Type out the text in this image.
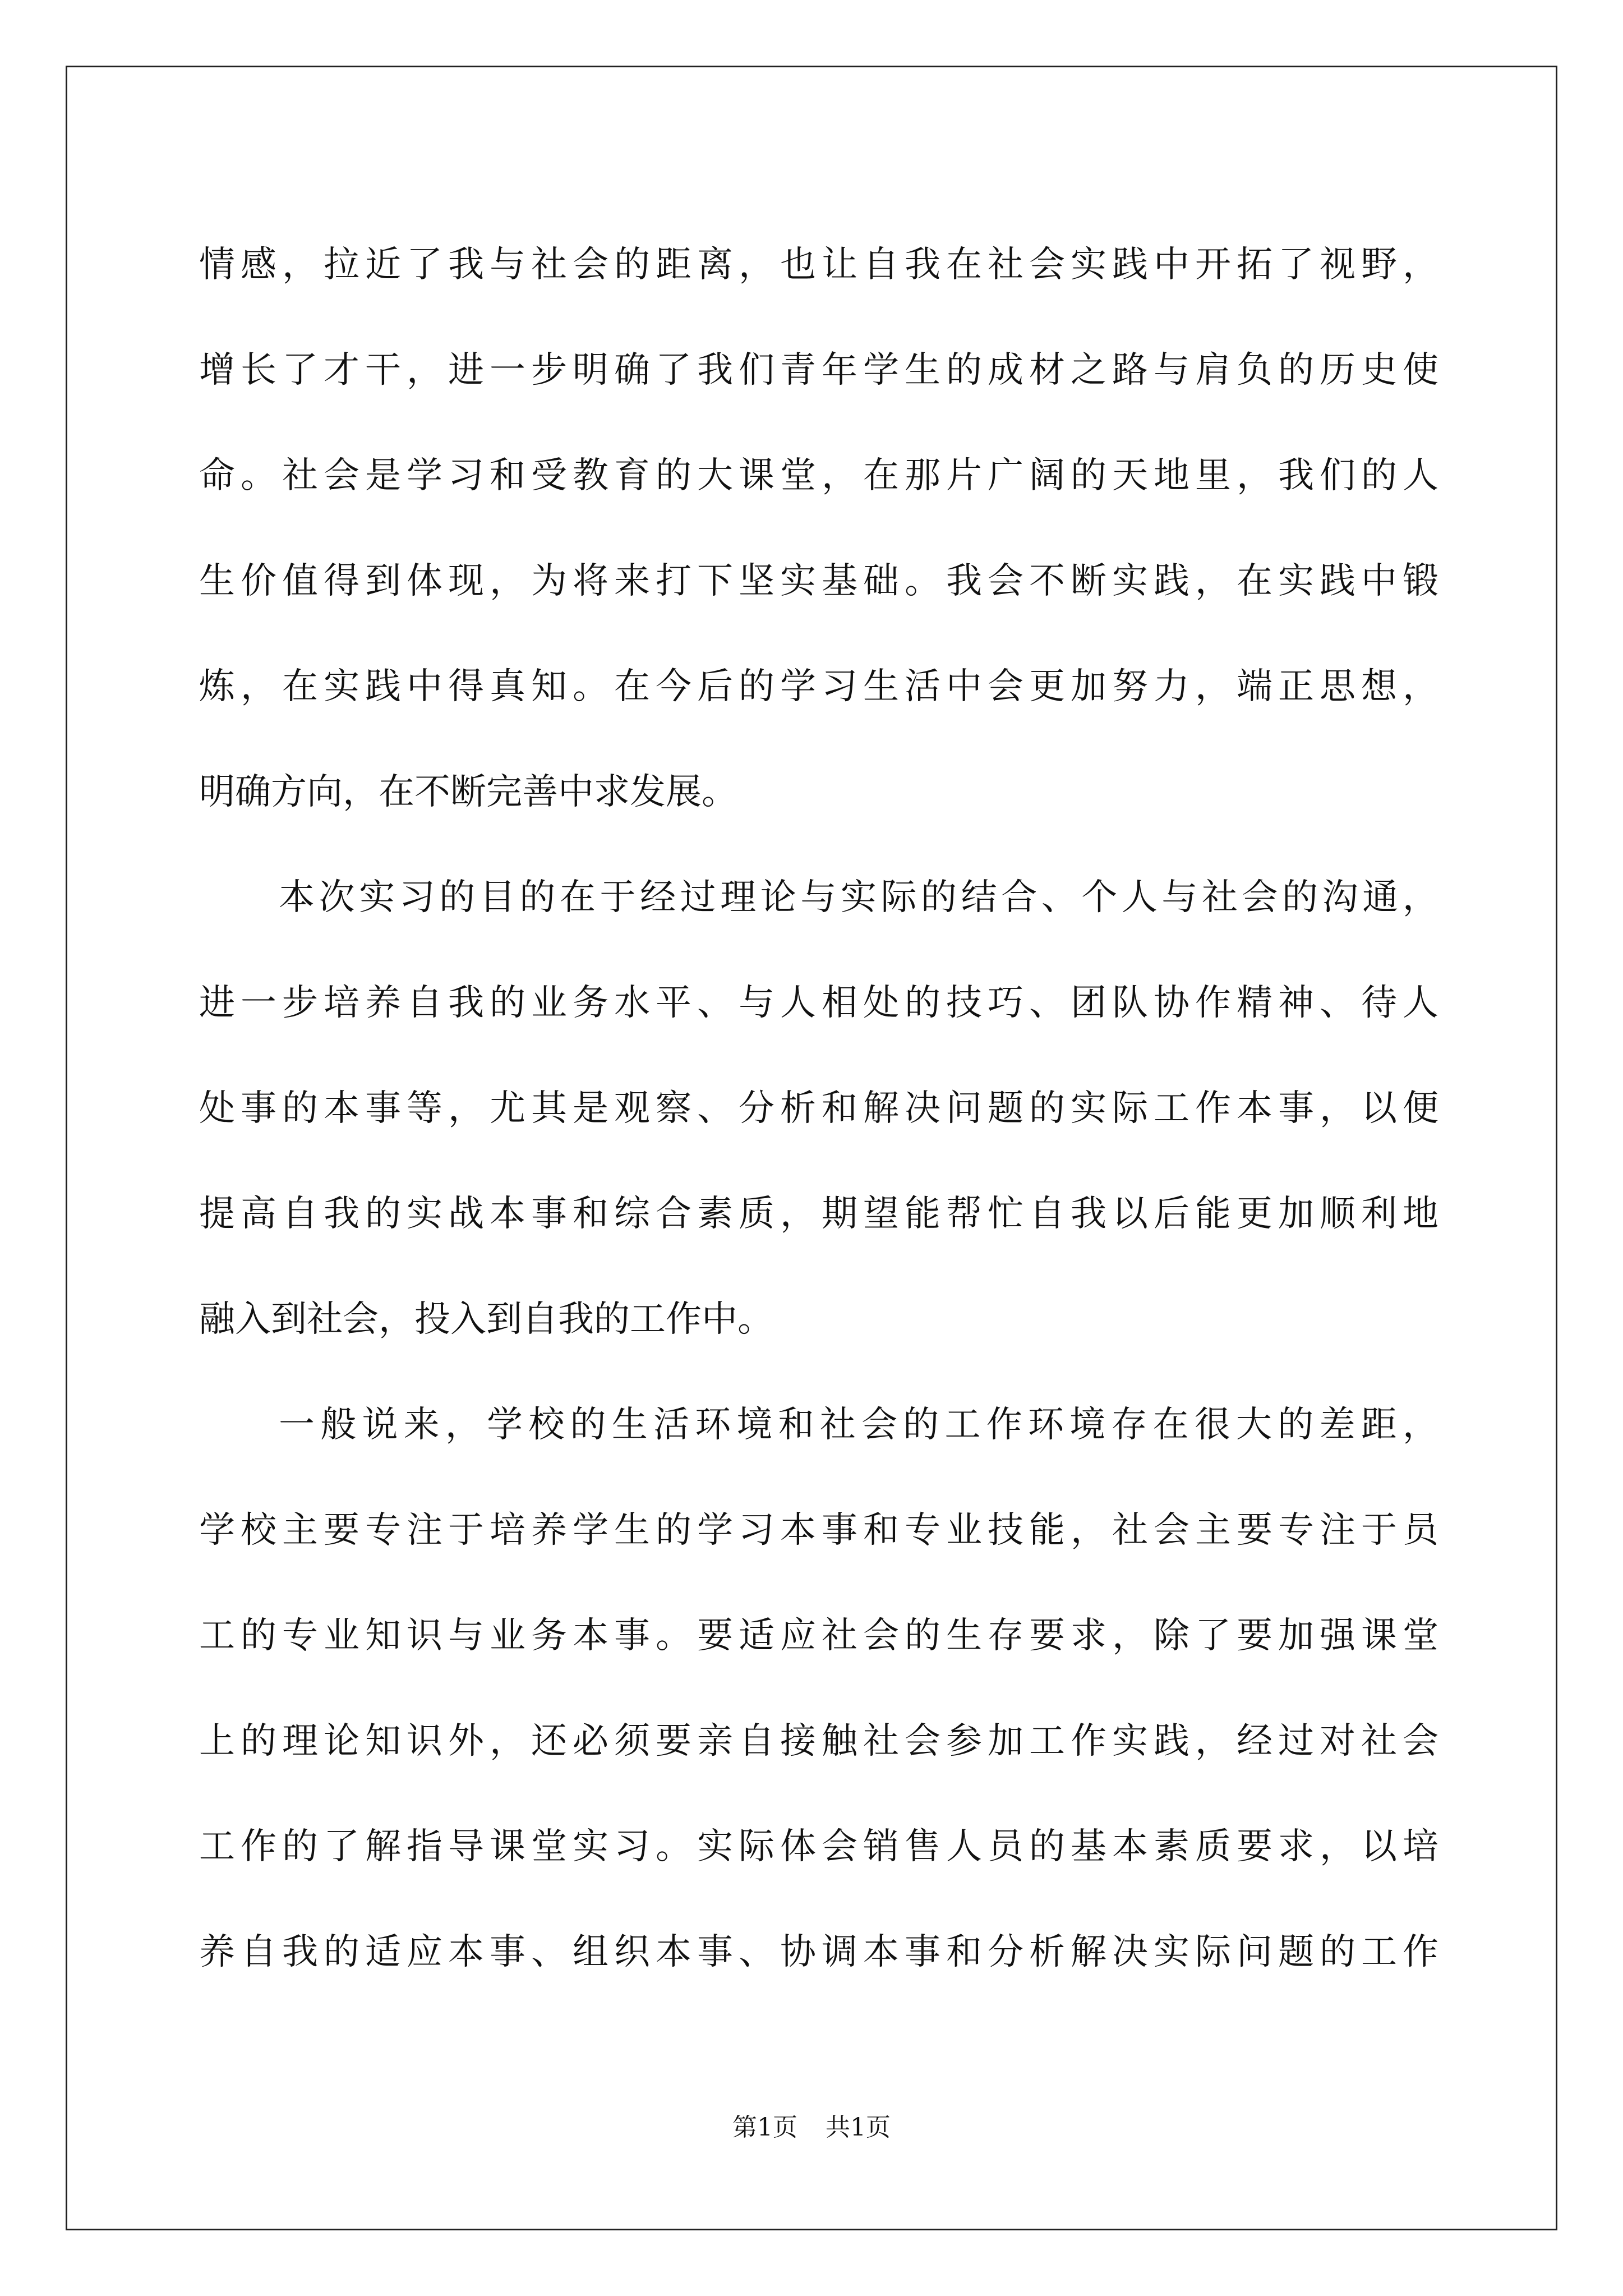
情 感 ， 拉 近 了 我 与 社 会 的 距 离 ， 也 让 自 我 在 社 会 实 践 中 开 拓 了 视 野 ，
增 长 了 才 干 ， 进 一 步 明 确 了 我 们 青 年 学 生 的 成 材 之 路 与 肩 负 的 历 史 使
命 。 社 会 是 学 习 和 受 教 育 的 大 课 堂 ， 在 那 片 广 阔 的 天 地 里 ， 我 们 的 人
生 价 值 得 到 体 现 ， 为 将 来 打 下 坚 实 基 础 。 我 会 不 断 实 践 ， 在 实 践 中 锻
炼 ， 在 实 践 中 得 真 知 。 在 今 后 的 学 习 生 活 中 会 更 加 努 力 ， 端 正 思 想 ，
明确方向，在不断完善中求发展。
本 次 实 习 的 目 的 在 于 经 过 理 论 与 实 际 的 结 合 、 个 人 与 社 会 的 沟 通 ，
进 一 步 培 养 自 我 的 业 务 水 平 、 与 人 相 处 的 技 巧 、 团 队 协 作 精 神 、 待 人
处 事 的 本 事 等 ， 尤 其 是 观 察 、 分 析 和 解 决 问 题 的 实 际 工 作 本 事 ， 以 便
提 高 自 我 的 实 战 本 事 和 综 合 素 质 ， 期 望 能 帮 忙 自 我 以 后 能 更 加 顺 利 地
融入到社会，投入到自我的工作中。
一 般 说 来 ， 学 校 的 生 活 环 境 和 社 会 的 工 作 环 境 存 在 很 大 的 差 距 ，
学 校 主 要 专 注 于 培 养 学 生 的 学 习 本 事 和 专 业 技 能 ， 社 会 主 要 专 注 于 员
工 的 专 业 知 识 与 业 务 本 事 。 要 适 应 社 会 的 生 存 要 求 ， 除 了 要 加 强 课 堂
上 的 理 论 知 识 外 ， 还 必 须 要 亲 自 接 触 社 会 参 加 工 作 实 践 ， 经 过 对 社 会
工 作 的 了 解 指 导 课 堂 实 习 。 实 际 体 会 销 售 人 员 的 基 本 素 质 要 求 ， 以 培
养 自 我 的 适 应 本 事 、 组 织 本 事 、 协 调 本 事 和 分 析 解 决 实 际 问 题 的 工 作
第1页 共1页
